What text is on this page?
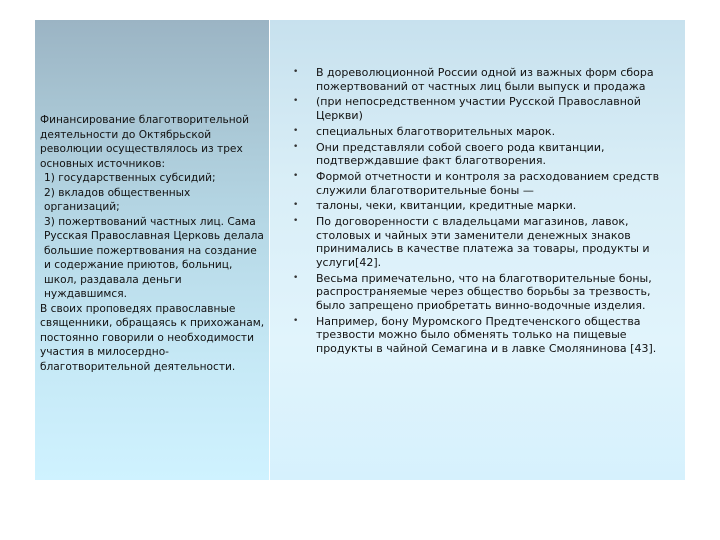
Финансирование благотворительной деятельности до Октябрьской революции осуществлялось из трех основных источников:

1) государственных субсидий;

2) вкладов общественных организаций;

3) пожертвований частных лиц. Сама Русская Православная Церковь делала большие пожертвования на создание и содержание приютов, больниц, школ, раздавала деньги нуждавшимся.

В своих проповедях православные священники, обращаясь к прихожанам, постоянно говорили о необходимости участия в милосердно-благотворительной деятельности.

• В дореволюционной России одной из важных форм сбора пожертвований от частных лиц были выпуск и продажа
• (при непосредственном участии Русской Православной Церкви)
• специальных благотворительных марок.
• Они представляли собой своего рода квитанции, подтверждавшие факт благотворения.
• Формой отчетности и контроля за расходованием средств служили благотворительные боны —
• талоны, чеки, квитанции, кредитные марки.
• По договоренности с владельцами магазинов, лавок, столовых и чайных эти заменители денежных знаков принимались в качестве платежа за товары, продукты и услуги[42].
• Весьма примечательно, что на благотворительные боны, распространяемые через общество борьбы за трезвость, было запрещено приобретать винно-водочные изделия.
• Например, бону Муромского Предтеченского общества трезвости можно было обменять только на пищевые продукты в чайной Семагина и в лавке Смоляниновa [43].
